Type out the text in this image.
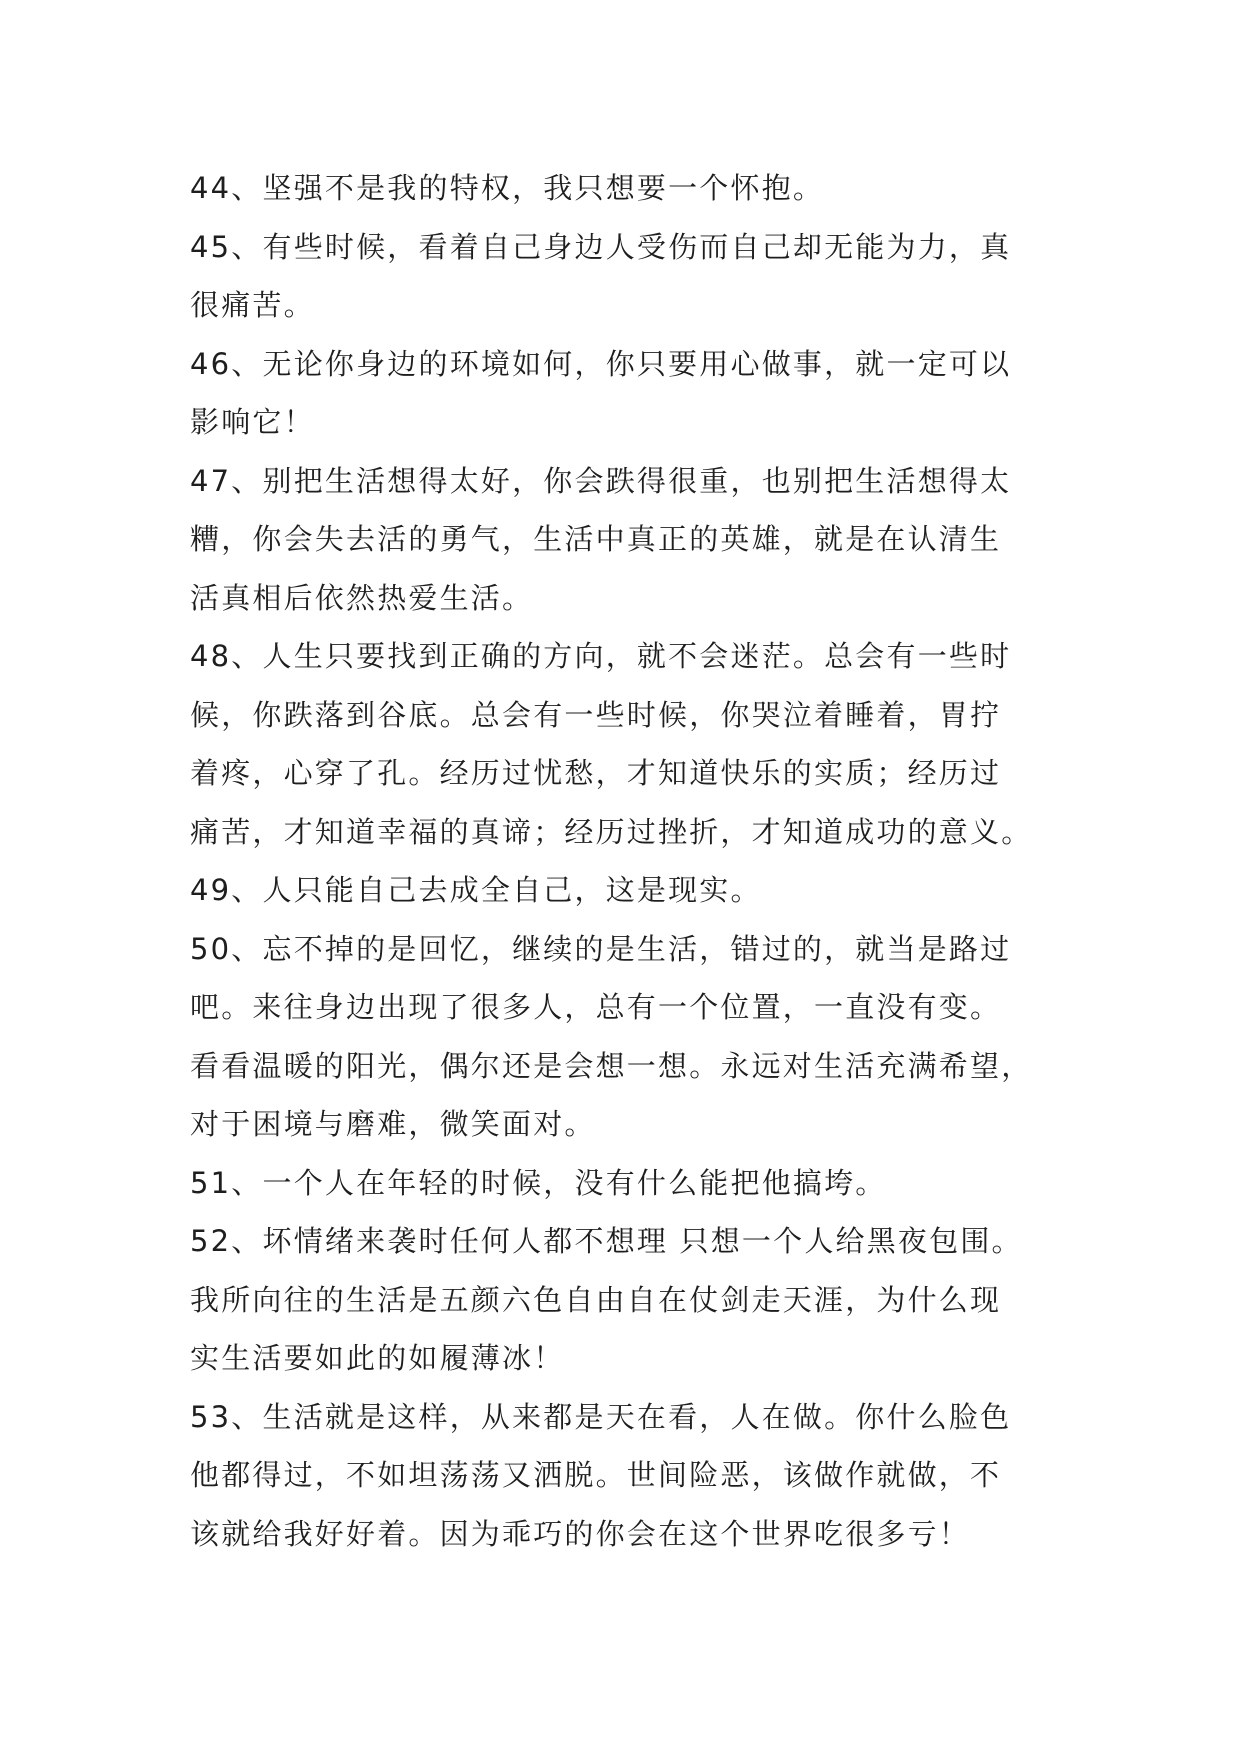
44、坚强不是我的特权，我只想要一个怀抱。
45、有些时候，看着自己身边人受伤而自己却无能为力，真
很痛苦。
46、无论你身边的环境如何，你只要用心做事，就一定可以
影响它！
47、别把生活想得太好，你会跌得很重，也别把生活想得太
糟，你会失去活的勇气，生活中真正的英雄，就是在认清生
活真相后依然热爱生活。
48、人生只要找到正确的方向，就不会迷茫。总会有一些时
候，你跌落到谷底。总会有一些时候，你哭泣着睡着，胃拧
着疼，心穿了孔。经历过忧愁，才知道快乐的实质；经历过
痛苦，才知道幸福的真谛；经历过挫折，才知道成功的意义。
49、人只能自己去成全自己，这是现实。
50、忘不掉的是回忆，继续的是生活，错过的，就当是路过
吧。来往身边出现了很多人，总有一个位置，一直没有变。
看看温暖的阳光，偶尔还是会想一想。永远对生活充满希望，
对于困境与磨难，微笑面对。
51、一个人在年轻的时候，没有什么能把他搞垮。
52、坏情绪来袭时任何人都不想理 只想一个人给黑夜包围。
我所向往的生活是五颜六色自由自在仗剑走天涯，为什么现
实生活要如此的如履薄冰！
53、生活就是这样，从来都是天在看，人在做。你什么脸色
他都得过，不如坦荡荡又洒脱。世间险恶，该做作就做，不
该就给我好好着。因为乖巧的你会在这个世界吃很多亏！
